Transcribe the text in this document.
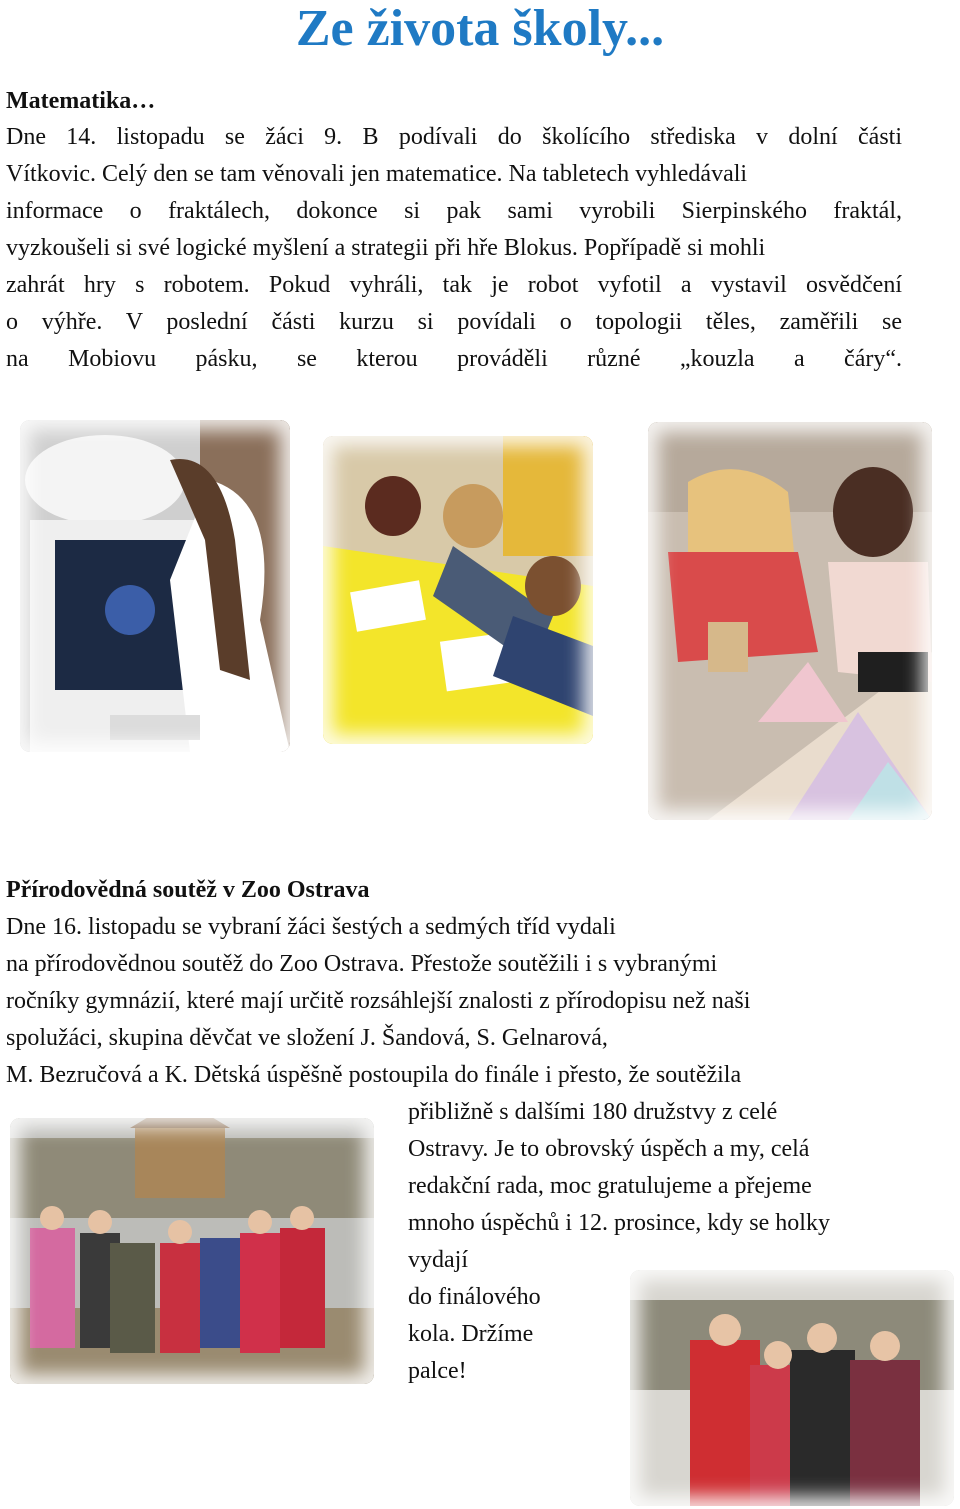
Ze života školy...
Matematika…
Dne 14. listopadu se žáci 9. B podívali do školícího střediska v dolní části
Vítkovic. Celý den se tam věnovali jen matematice. Na tabletech vyhledávali
informace o fraktálech, dokonce si pak sami vyrobili Sierpinského fraktál,
vyzkoušeli si své logické myšlení a strategii při hře Blokus. Popřípadě si mohli
zahrát hry s robotem. Pokud vyhráli, tak je robot vyfotil a vystavil osvědčení
o výhře. V poslední části kurzu si povídali o topologii těles, zaměřili se
na Mobiovu pásku, se kterou prováděli různé „kouzla a čáry“.
Přírodovědná soutěž v Zoo Ostrava
Dne 16. listopadu se vybraní žáci šestých a sedmých tříd vydali
na přírodovědnou soutěž do Zoo Ostrava. Přestože soutěžili i s vybranými
ročníky gymnázií, které mají určitě rozsáhlejší znalosti z přírodopisu než naši
spolužáci, skupina děvčat ve složení J. Šandová, S. Gelnarová,
M. Bezručová a K. Dětská úspěšně postoupila do finále i přesto, že soutěžila
přibližně s dalšími 180 družstvy z celé
Ostravy. Je to obrovský úspěch a my, celá
redakční rada, moc gratulujeme a přejeme
mnoho úspěchů i 12. prosince, kdy se holky
vydají
do finálového
kola. Držíme
palce!
